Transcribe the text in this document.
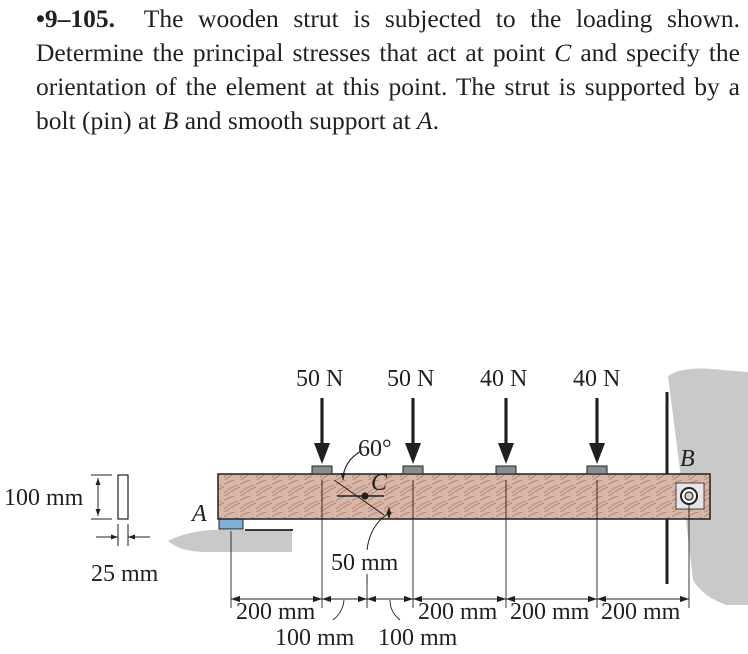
•9–105. The wooden strut is subjected to the loading shown. Determine the principal stresses that act at point C and specify the orientation of the element at this point. The strut is supported by a bolt (pin) at B and smooth support at A.
A
B
50 N 50 N 40 N 40 N
60°
C
50 mm
100 mm
25 mm
200 mm
100 mm 100 mm
200 mm 200 mm 200 mm
